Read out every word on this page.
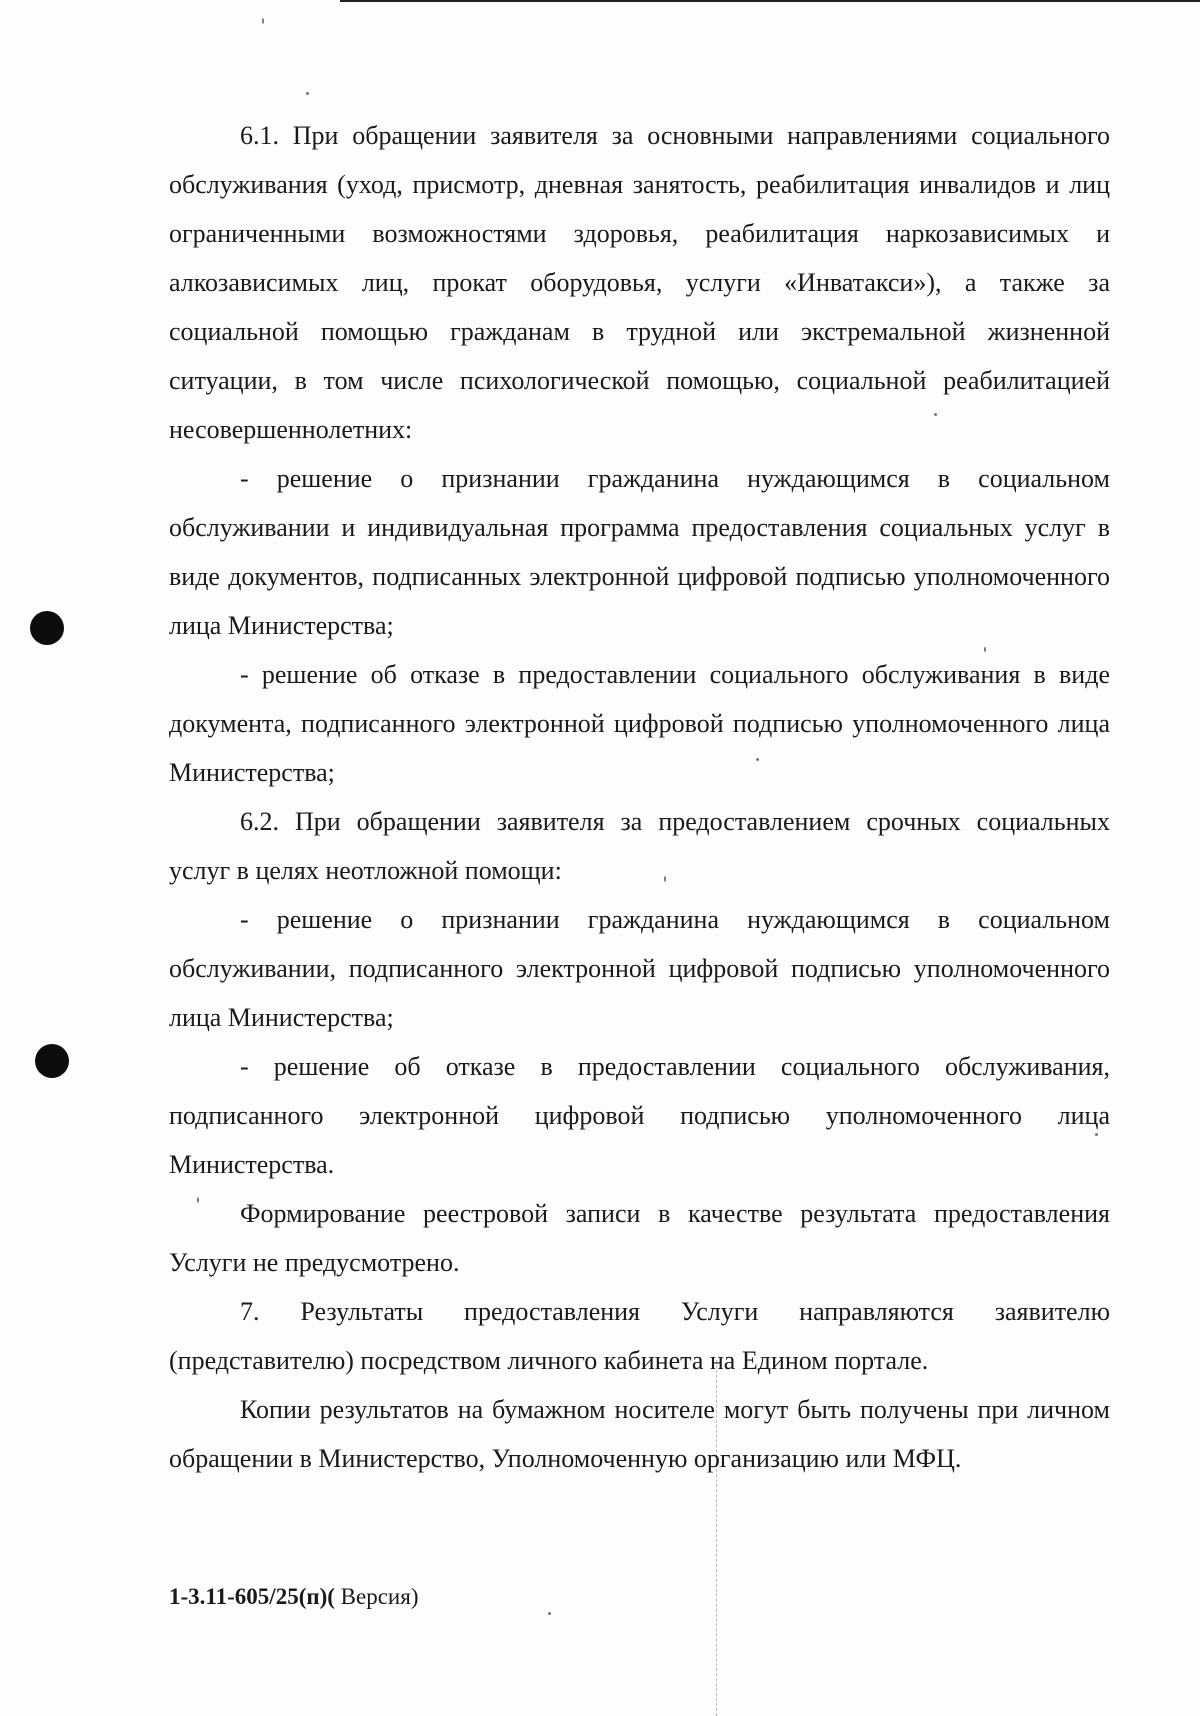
6.1. При обращении заявителя за основными направлениями социального обслуживания (уход, присмотр, дневная занятость, реабилитация инвалидов и лиц ограниченными возможностями здоровья, реабилитация наркозависимых и алкозависимых лиц, прокат оборудовья, услуги «Инватакси»), а также за социальной помощью гражданам в трудной или экстремальной жизненной ситуации, в том числе психологической помощью, социальной реабилитацией несовершеннолетних:

- решение о признании гражданина нуждающимся в социальном обслуживании и индивидуальная программа предоставления социальных услуг в виде документов, подписанных электронной цифровой подписью уполномоченного лица Министерства;

- решение об отказе в предоставлении социального обслуживания в виде документа, подписанного электронной цифровой подписью уполномоченного лица Министерства;

6.2. При обращении заявителя за предоставлением срочных социальных услуг в целях неотложной помощи:

- решение о признании гражданина нуждающимся в социальном обслуживании, подписанного электронной цифровой подписью уполномоченного лица Министерства;

- решение об отказе в предоставлении социального обслуживания, подписанного электронной цифровой подписью уполномоченного лица Министерства.

Формирование реестровой записи в качестве результата предоставления Услуги не предусмотрено.

7. Результаты предоставления Услуги направляются заявителю (представителю) посредством личного кабинета на Едином портале.

Копии результатов на бумажном носителе могут быть получены при личном обращении в Министерство, Уполномоченную организацию или МФЦ.

1-3.11-605/25(п)( Версия)
